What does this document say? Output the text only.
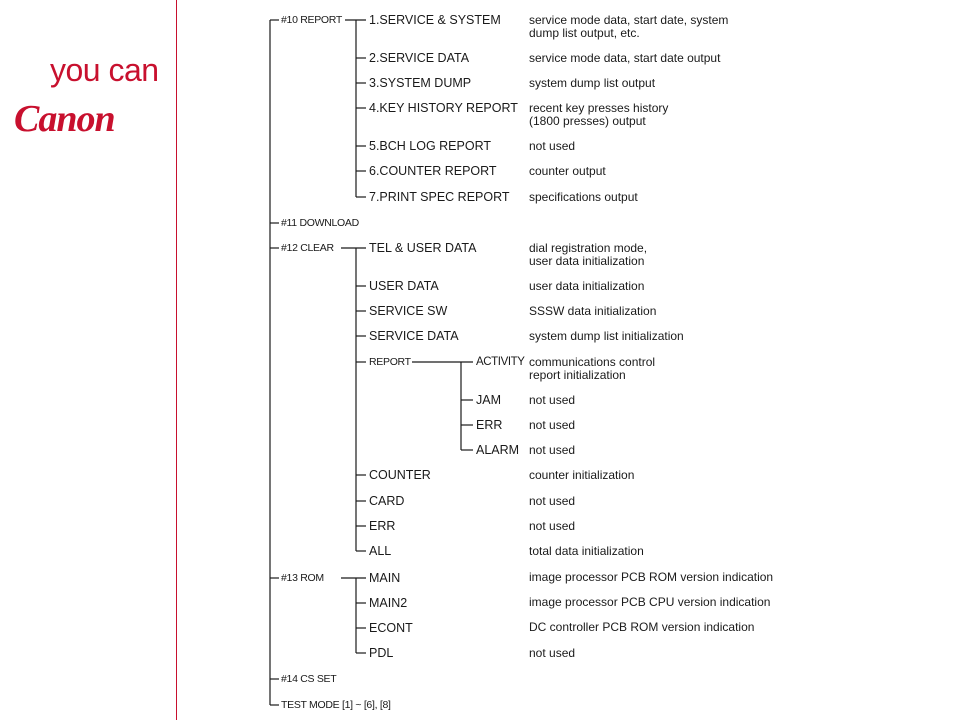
you can
Canon
#10 REPORT
#11 DOWNLOAD
#12 CLEAR
#13 ROM
#14 CS SET
TEST MODE [1] ~ [6], [8]
1.SERVICE & SYSTEM service mode data, start date, system
dump list output, etc.
2.SERVICE DATA	service mode data, start date output
3.SYSTEM DUMP	system dump list output
4.KEY HISTORY REPORT recent key presses history
(1800 presses) output
5.BCH LOG REPORT	not used
6.COUNTER REPORT	counter output
7.PRINT SPEC REPORT specifications output
TEL & USER DATA	dial registration mode,
user data initialization
USER DATA	user data initialization
SERVICE SW	SSSW data initialization
SERVICE DATA	system dump list initialization
REPORT
COUNTER	counter initialization
CARD	not used
ERR	not used
ALL	total data initialization
ACTIVITY communications control
report initialization
JAM not used
ERR not used
ALARM not used
MAIN	image processor PCB ROM version indication
MAIN2	image processor PCB CPU version indication
ECONT	DC controller PCB ROM version indication
PDL	not used
